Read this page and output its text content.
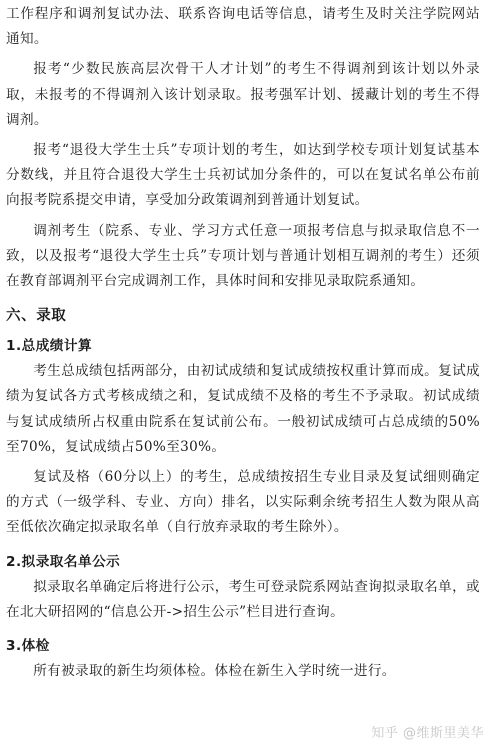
工作程序和调剂复试办法、联系咨询电话等信息，请考生及时关注学院网站通知。

报考“少数民族高层次骨干人才计划”的考生不得调剂到该计划以外录取，未报考的不得调剂入该计划录取。报考强军计划、援藏计划的考生不得调剂。

报考“退役大学生士兵”专项计划的考生，如达到学校专项计划复试基本分数线，并且符合退役大学生士兵初试加分条件的，可以在复试名单公布前向报考院系提交申请，享受加分政策调剂到普通计划复试。

调剂考生（院系、专业、学习方式任意一项报考信息与拟录取信息不一致，以及报考“退役大学生士兵”专项计划与普通计划相互调剂的考生）还须在教育部调剂平台完成调剂工作，具体时间和安排见录取院系通知。

六、录取
1.总成绩计算

考生总成绩包括两部分，由初试成绩和复试成绩按权重计算而成。复试成绩为复试各方式考核成绩之和，复试成绩不及格的考生不予录取。初试成绩与复试成绩所占权重由院系在复试前公布。一般初试成绩可占总成绩的50%至70%，复试成绩占50%至30%。

复试及格（60分以上）的考生，总成绩按招生专业目录及复试细则确定的方式（一级学科、专业、方向）排名，以实际剩余统考招生人数为限从高至低依次确定拟录取名单（自行放弃录取的考生除外）。

2.拟录取名单公示

拟录取名单确定后将进行公示，考生可登录院系网站查询拟录取名单，或在北大研招网的“信息公开->招生公示”栏目进行查询。

3.体检

所有被录取的新生均须体检。体检在新生入学时统一进行。

知乎 @维斯里美华
